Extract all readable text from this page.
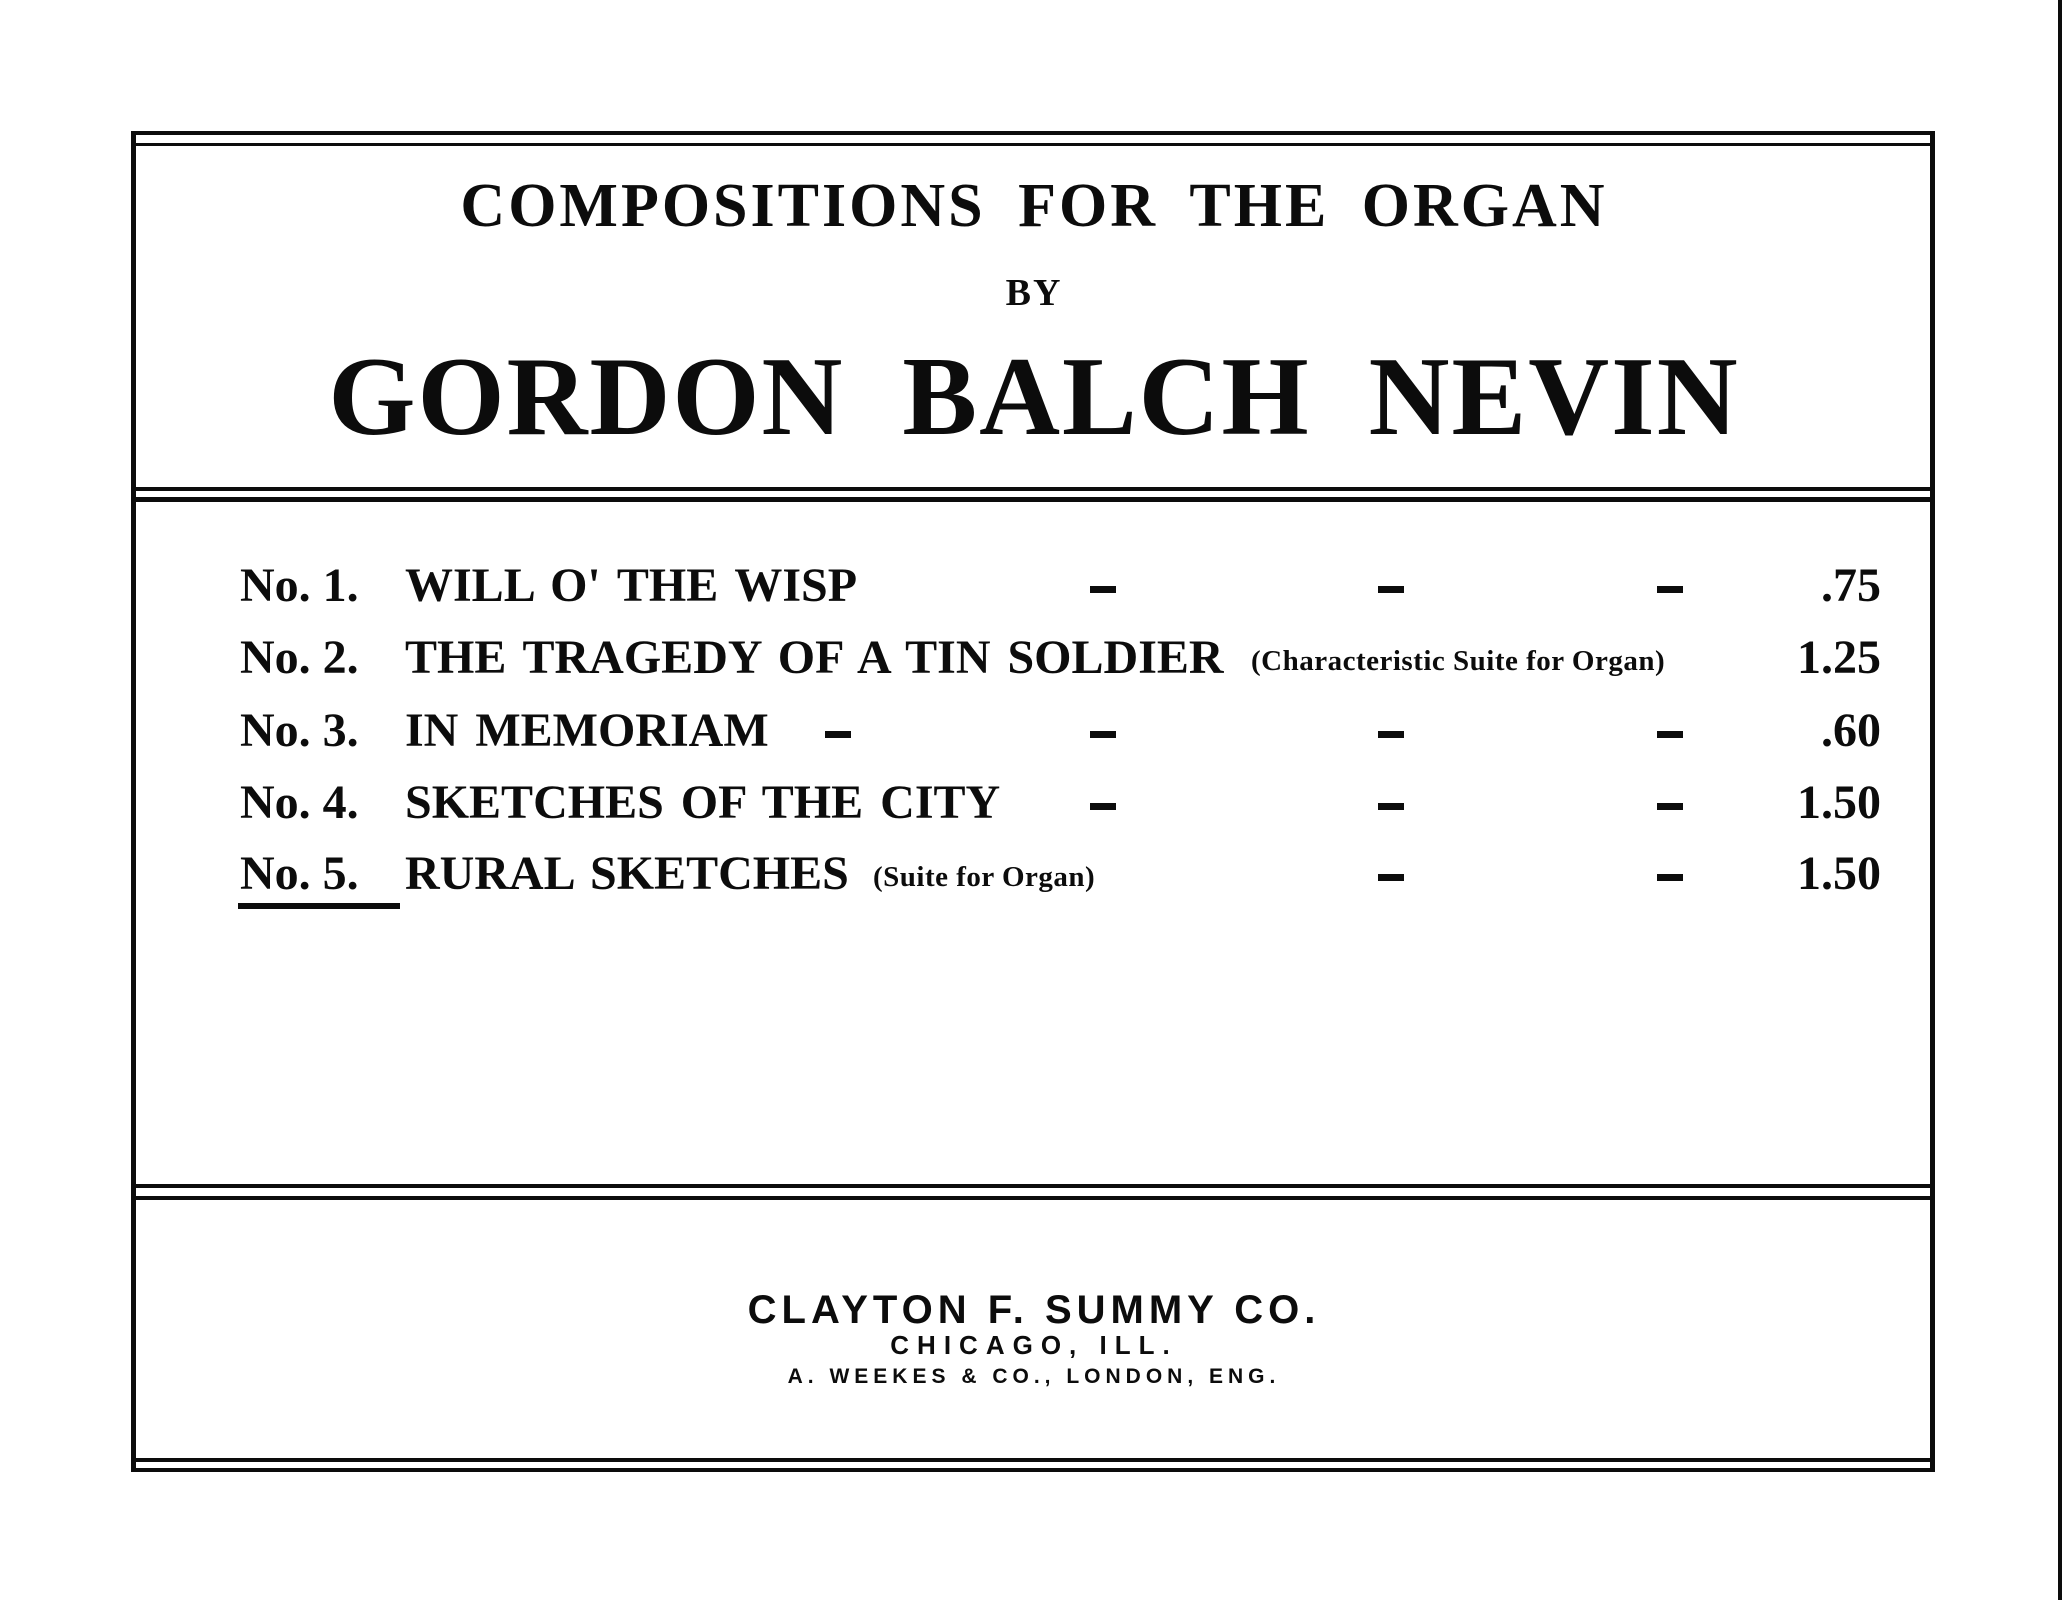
COMPOSITIONS FOR THE ORGAN
BY
GORDON BALCH NEVIN
No. 1. WILL O' THE WISP	.75
No. 2. THE TRAGEDY OF A TIN SOLDIER (Characteristic Suite for Organ)	1.25
No. 3. IN MEMORIAM	.60
No. 4. SKETCHES OF THE CITY	1.50
No. 5. RURAL SKETCHES (Suite for Organ)	1.50
CLAYTON F. SUMMY CO.
CHICAGO, ILL.
A. WEEKES & CO., LONDON, ENG.
